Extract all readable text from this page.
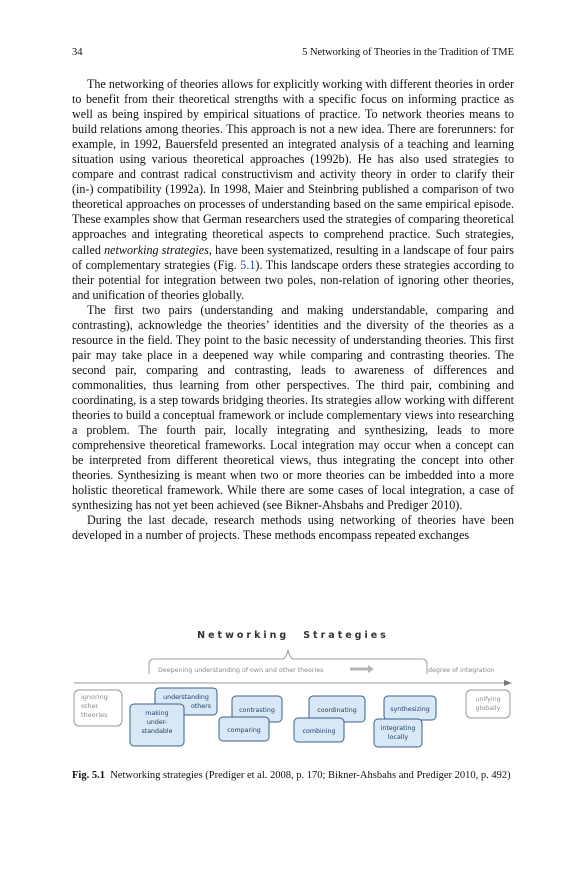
34	5 Networking of Theories in the Tradition of TME

The networking of theories allows for explicitly working with different theories in order to benefit from their theoretical strengths with a specific focus on informing practice as well as being inspired by empirical situations of practice. To network theories means to build relations among theories. This approach is not a new idea. There are forerunners: for example, in 1992, Bauersfeld presented an integrated analysis of a teaching and learning situation using various theoretical approaches (1992b). He has also used strategies to compare and contrast radical constructivism and activity theory in order to clarify their (in-) compatibility (1992a). In 1998, Maier and Steinbring published a comparison of two theoretical approaches on processes of understanding based on the same empirical episode. These examples show that German researchers used the strategies of comparing theoretical approaches and integrating theoretical aspects to comprehend practice. Such strategies, called networking strategies, have been systematized, resulting in a landscape of four pairs of complementary strategies (Fig. 5.1). This landscape orders these strategies according to their potential for integration between two poles, non-relation of ignoring other theories, and unification of theories globally.

The first two pairs (understanding and making understandable, comparing and contrasting), acknowledge the theories’ identities and the diversity of the theories as a resource in the field. They point to the basic necessity of understanding theories. This first pair may take place in a deepened way while comparing and contrasting theories. The second pair, comparing and contrasting, leads to awareness of differences and commonalities, thus learning from other perspectives. The third pair, combining and coordinating, is a step towards bridging theories. Its strategies allow working with different theories to build a conceptual framework or include complementary views into researching a problem. The fourth pair, locally integrating and synthesizing, leads to more comprehensive theoretical frameworks. Local integration may occur when a concept can be interpreted from different theoretical views, thus integrating the concept into other theories. Synthesizing is meant when two or more theories can be imbedded into a more holistic theoretical framework. While there are some cases of local integration, a case of synthesizing has not yet been achieved (see Bikner-Ahsbahs and Prediger 2010).

During the last decade, research methods using networking of theories have been developed in a number of projects. These methods encompass repeated exchanges

Networking Strategies
Deepening understanding of own and other theories	degree of integration
ignoring
other
theories
understanding
others
making
under-
standable
contrasting
comparing
coordinating
combining
synthesizing
integrating
locally
unifying
globally
Fig. 5.1 Networking strategies (Prediger et al. 2008, p. 170; Bikner-Ahsbahs and Prediger 2010, p. 492)
